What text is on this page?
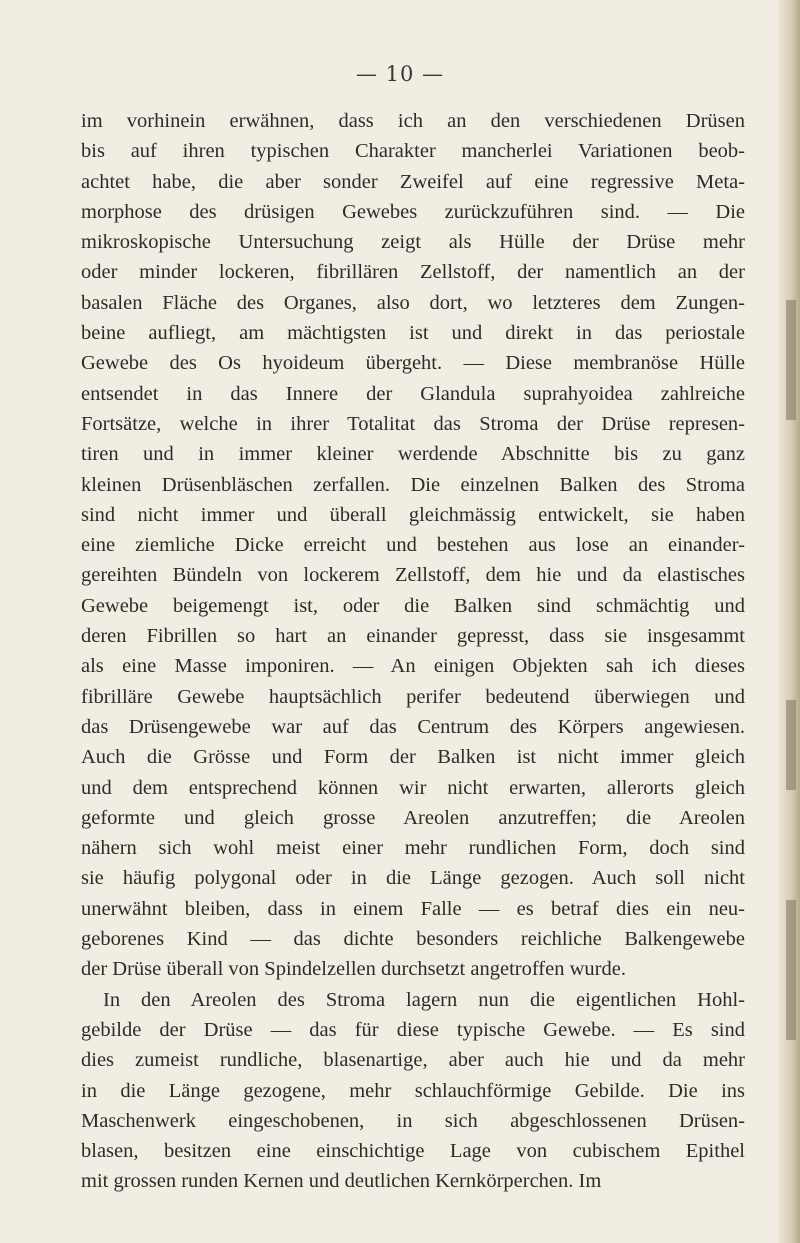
— 10 —
im vorhinein erwähnen, dass ich an den verschiedenen Drüsen
bis auf ihren typischen Charakter mancherlei Variationen beob-
achtet habe, die aber sonder Zweifel auf eine regressive Meta-
morphose des drüsigen Gewebes zurückzuführen sind. — Die
mikroskopische Untersuchung zeigt als Hülle der Drüse mehr
oder minder lockeren, fibrillären Zellstoff, der namentlich an der
basalen Fläche des Organes, also dort, wo letzteres dem Zungen-
beine aufliegt, am mächtigsten ist und direkt in das periostale
Gewebe des Os hyoideum übergeht. — Diese membranöse Hülle
entsendet in das Innere der Glandula suprahyoidea zahlreiche
Fortsätze, welche in ihrer Totalitat das Stroma der Drüse represen-
tiren und in immer kleiner werdende Abschnitte bis zu ganz
kleinen Drüsenbläschen zerfallen. Die einzelnen Balken des Stroma
sind nicht immer und überall gleichmässig entwickelt, sie haben
eine ziemliche Dicke erreicht und bestehen aus lose an einander-
gereihten Bündeln von lockerem Zellstoff, dem hie und da elastisches
Gewebe beigemengt ist, oder die Balken sind schmächtig und
deren Fibrillen so hart an einander gepresst, dass sie insgesammt
als eine Masse imponiren. — An einigen Objekten sah ich dieses
fibrilläre Gewebe hauptsächlich perifer bedeutend überwiegen und
das Drüsengewebe war auf das Centrum des Körpers angewiesen.
Auch die Grösse und Form der Balken ist nicht immer gleich
und dem entsprechend können wir nicht erwarten, allerorts gleich
geformte und gleich grosse Areolen anzutreffen; die Areolen
nähern sich wohl meist einer mehr rundlichen Form, doch sind
sie häufig polygonal oder in die Länge gezogen. Auch soll nicht
unerwähnt bleiben, dass in einem Falle — es betraf dies ein neu-
geborenes Kind — das dichte besonders reichliche Balkengewebe
der Drüse überall von Spindelzellen durchsetzt angetroffen wurde.
In den Areolen des Stroma lagern nun die eigentlichen Hohl-
gebilde der Drüse — das für diese typische Gewebe. — Es sind
dies zumeist rundliche, blasenartige, aber auch hie und da mehr
in die Länge gezogene, mehr schlauchförmige Gebilde. Die ins
Maschenwerk eingeschobenen, in sich abgeschlossenen Drüsen-
blasen, besitzen eine einschichtige Lage von cubischem Epithel
mit grossen runden Kernen und deutlichen Kernkörperchen. Im
